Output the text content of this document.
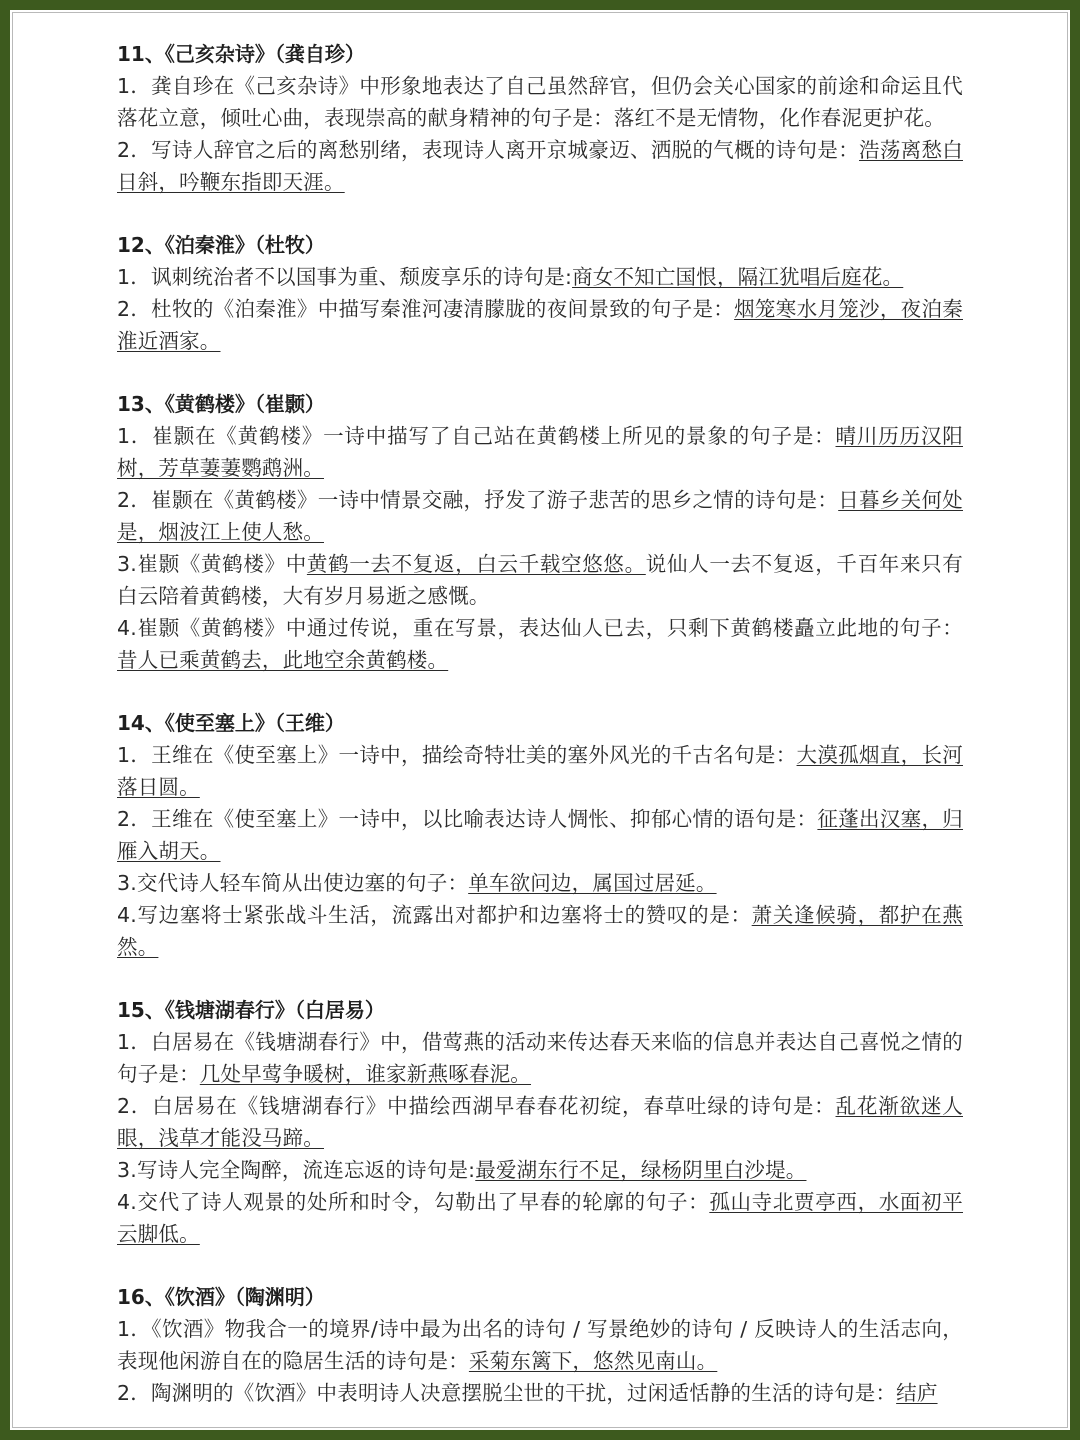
11、《己亥杂诗》（龚自珍）

1．龚自珍在《己亥杂诗》中形象地表达了自己虽然辞官，但仍会关心国家的前途和命运且代落花立意，倾吐心曲，表现崇高的献身精神的句子是：落红不是无情物，化作春泥更护花。

2．写诗人辞官之后的离愁别绪，表现诗人离开京城豪迈、洒脱的气概的诗句是：浩荡离愁白日斜，吟鞭东指即天涯。

12、《泊秦淮》（杜牧）

1．讽刺统治者不以国事为重、颓废享乐的诗句是:商女不知亡国恨，隔江犹唱后庭花。

2．杜牧的《泊秦淮》中描写秦淮河凄清朦胧的夜间景致的句子是：烟笼寒水月笼沙，夜泊秦淮近酒家。

13、《黄鹤楼》（崔颢）

1．崔颢在《黄鹤楼》一诗中描写了自己站在黄鹤楼上所见的景象的句子是：晴川历历汉阳树，芳草萋萋鹦鹉洲。

2．崔颢在《黄鹤楼》一诗中情景交融，抒发了游子悲苦的思乡之情的诗句是：日暮乡关何处是，烟波江上使人愁。

3.崔颢《黄鹤楼》中黄鹤一去不复返，白云千载空悠悠。说仙人一去不复返，千百年来只有白云陪着黄鹤楼，大有岁月易逝之感慨。

4.崔颢《黄鹤楼》中通过传说，重在写景，表达仙人已去，只剩下黄鹤楼矗立此地的句子：昔人已乘黄鹤去，此地空余黄鹤楼。

14、《使至塞上》（王维）

1．王维在《使至塞上》一诗中，描绘奇特壮美的塞外风光的千古名句是：大漠孤烟直，长河落日圆。

2．王维在《使至塞上》一诗中，以比喻表达诗人惆怅、抑郁心情的语句是：征蓬出汉塞，归雁入胡天。

3.交代诗人轻车简从出使边塞的句子：单车欲问边，属国过居延。

4.写边塞将士紧张战斗生活，流露出对都护和边塞将士的赞叹的是：萧关逢候骑，都护在燕然。

15、《钱塘湖春行》（白居易）

1．白居易在《钱塘湖春行》中，借莺燕的活动来传达春天来临的信息并表达自己喜悦之情的句子是：几处早莺争暖树，谁家新燕啄春泥。

2．白居易在《钱塘湖春行》中描绘西湖早春春花初绽，春草吐绿的诗句是：乱花渐欲迷人眼，浅草才能没马蹄。

3.写诗人完全陶醉，流连忘返的诗句是:最爱湖东行不足，绿杨阴里白沙堤。

4.交代了诗人观景的处所和时令，勾勒出了早春的轮廓的句子：孤山寺北贾亭西，水面初平云脚低。

16、《饮酒》（陶渊明）

1．《饮酒》物我合一的境界/诗中最为出名的诗句 / 写景绝妙的诗句 / 反映诗人的生活志向，表现他闲游自在的隐居生活的诗句是：采菊东篱下，悠然见南山。

2．陶渊明的《饮酒》中表明诗人决意摆脱尘世的干扰，过闲适恬静的生活的诗句是：结庐
